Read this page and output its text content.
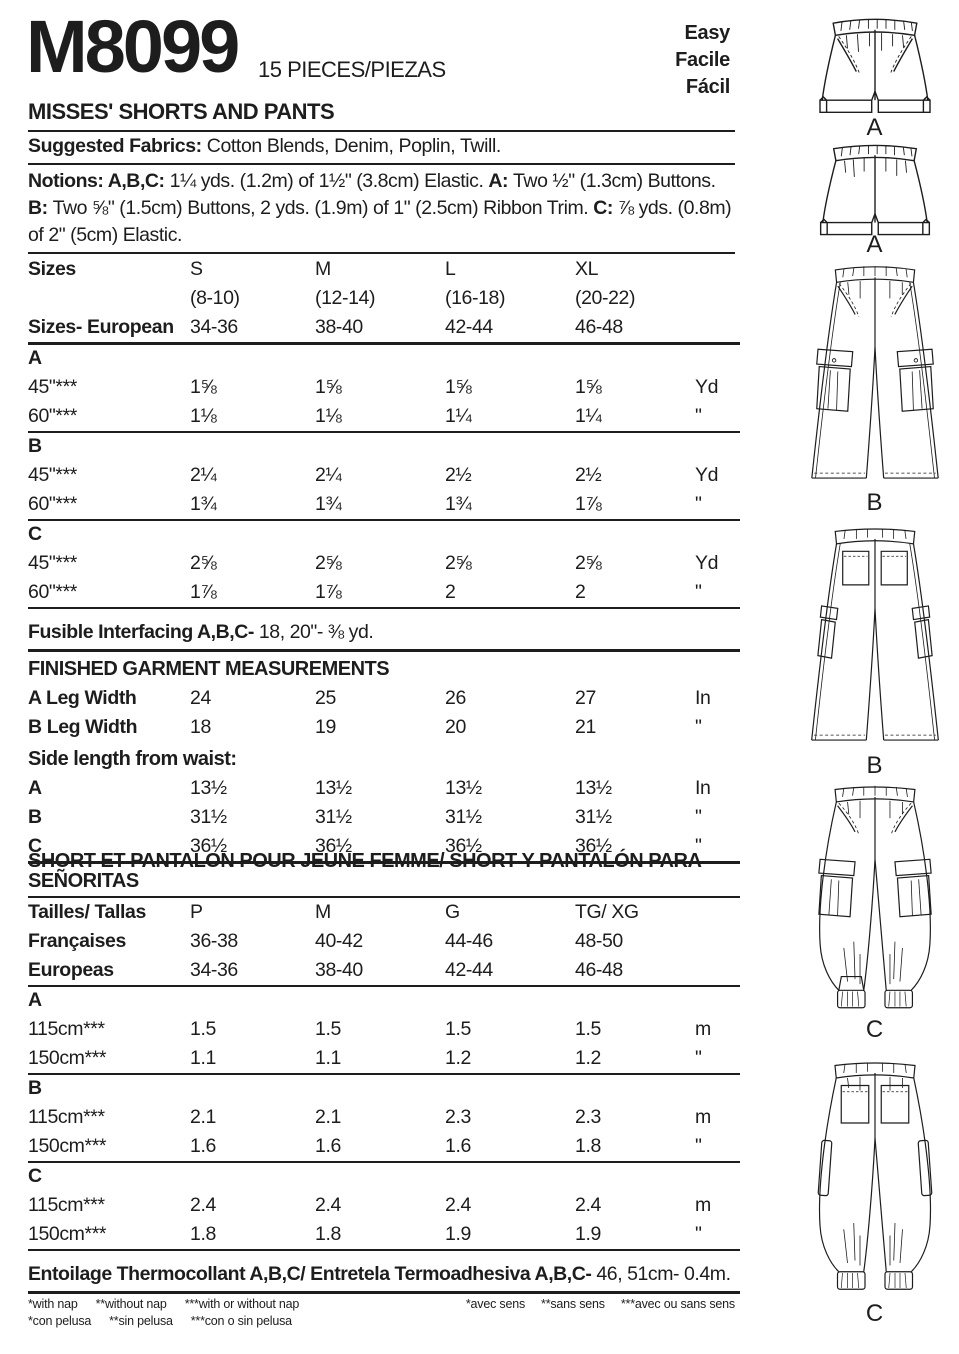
M8099 15 PIECES/PIEZAS
Easy
Facile
Fácil
MISSES' SHORTS AND PANTS
Suggested Fabrics: Cotton Blends, Denim, Poplin, Twill.
Notions: A,B,C: 1¼ yds. (1.2m) of 1½" (3.8cm) Elastic. A: Two ½" (1.3cm) Buttons. B: Two ⅝" (1.5cm) Buttons, 2 yds. (1.9m) of 1" (2.5cm) Ribbon Trim. C: ⅞ yds. (0.8m) of 2" (5cm) Elastic.
Sizes	S	M	L	XL
(8-10)	(12-14)	(16-18)	(20-22)
Sizes- European 34-36	38-40	42-44	46-48
A
45"***	1⅝	1⅝	1⅝	1⅝	Yd
60"***	1⅛	1⅛	1¼	1¼	"
B
45"***	2¼	2¼	2½	2½	Yd
60"***	1¾	1¾	1¾	1⅞	"
C
45"***	2⅝	2⅝	2⅝	2⅝	Yd
60"***	1⅞	1⅞	2	2	"
Fusible Interfacing A,B,C- 18, 20"- ⅜ yd.
FINISHED GARMENT MEASUREMENTS
A Leg Width	24	25	26	27	In
B Leg Width	18	19	20	21	"
Side length from waist:
A	13½	13½	13½	13½	In
B	31½	31½	31½	31½	"
C	36½	36½	36½	36½	"
SHORT ET PANTALON POUR JEUNE FEMME/ SHORT Y PANTALÓN PARA SEÑORITAS
Tailles/ Tallas	P	M	G	TG/ XG
Françaises	36-38	40-42	44-46	48-50
Europeas	34-36	38-40	42-44	46-48
A
115cm***	1.5	1.5	1.5	1.5	m
150cm***	1.1	1.1	1.2	1.2	"
B
115cm***	2.1	2.1	2.3	2.3	m
150cm***	1.6	1.6	1.6	1.8	"
C
115cm***	2.4	2.4	2.4	2.4	m
150cm***	1.8	1.8	1.9	1.9	"
Entoilage Thermocollant A,B,C/ Entretela Termoadhesiva A,B,C- 46, 51cm- 0.4m.
*with nap **without nap ***with or without nap	*avec sens **sans sens ***avec ou sans sens
*con pelusa **sin pelusa ***con o sin pelusa
A
A
B
B
C
C
